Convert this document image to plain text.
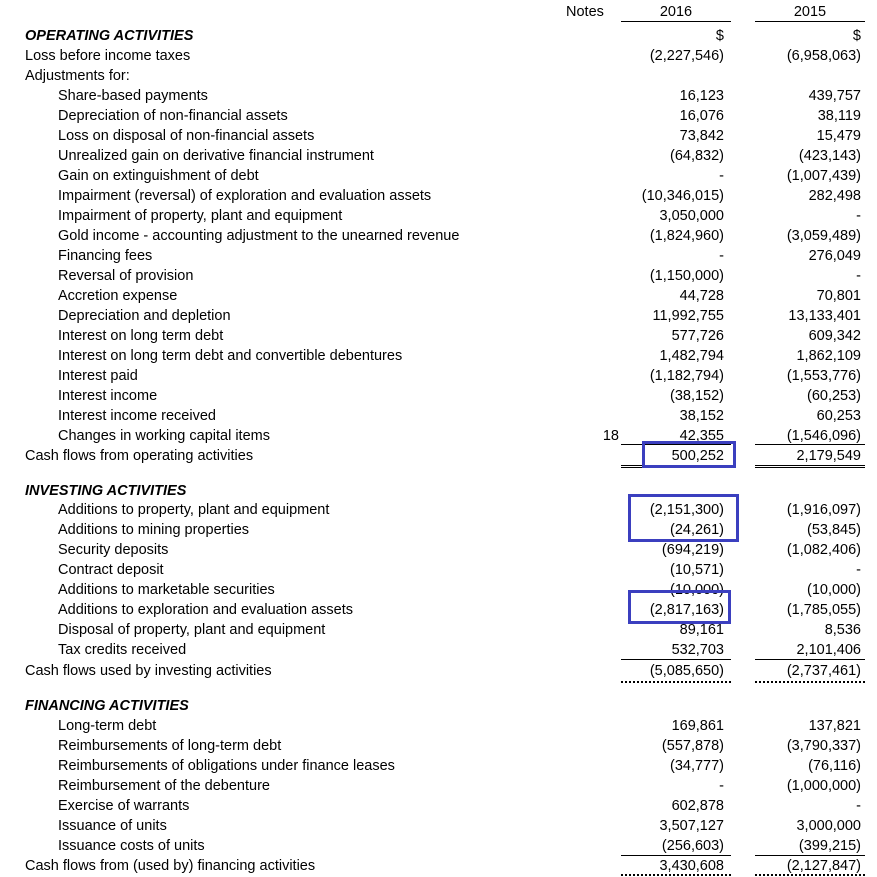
Notes	2016	2015
OPERATING ACTIVITIES	$	$
Loss before income taxes	(2,227,546)	(6,958,063)
Adjustments for:
Share-based payments	16,123	439,757
Depreciation of non-financial assets	16,076	38,119
Loss on disposal of non-financial assets	73,842	15,479
Unrealized gain on derivative financial instrument	(64,832)	(423,143)
Gain on extinguishment of debt	-	(1,007,439)
Impairment (reversal) of exploration and evaluation assets	(10,346,015)	282,498
Impairment of property, plant and equipment	3,050,000	-
Gold income - accounting adjustment to the unearned revenue	(1,824,960)	(3,059,489)
Financing fees	-	276,049
Reversal of provision	(1,150,000)	-
Accretion expense	44,728	70,801
Depreciation and depletion	11,992,755	13,133,401
Interest on long term debt	577,726	609,342
Interest on long term debt and convertible debentures	1,482,794	1,862,109
Interest paid	(1,182,794)	(1,553,776)
Interest income	(38,152)	(60,253)
Interest income received	38,152	60,253
Changes in working capital items	18	42,355	(1,546,096)
Cash flows from operating activities	500,252	2,179,549
INVESTING ACTIVITIES
Additions to property, plant and equipment	(2,151,300)	(1,916,097)
Additions to mining properties	(24,261)	(53,845)
Security deposits	(694,219)	(1,082,406)
Contract deposit	(10,571)	-
Additions to marketable securities	(10,000)	(10,000)
Additions to exploration and evaluation assets	(2,817,163)	(1,785,055)
Disposal of property, plant and equipment	89,161	8,536
Tax credits received	532,703	2,101,406
Cash flows used by investing activities	(5,085,650)	(2,737,461)
FINANCING ACTIVITIES
Long-term debt	169,861	137,821
Reimbursements of long-term debt	(557,878)	(3,790,337)
Reimbursements of obligations under finance leases	(34,777)	(76,116)
Reimbursement of the debenture	-	(1,000,000)
Exercise of warrants	602,878	-
Issuance of units	3,507,127	3,000,000
Issuance costs of units	(256,603)	(399,215)
Cash flows from (used by) financing activities	3,430,608	(2,127,847)
